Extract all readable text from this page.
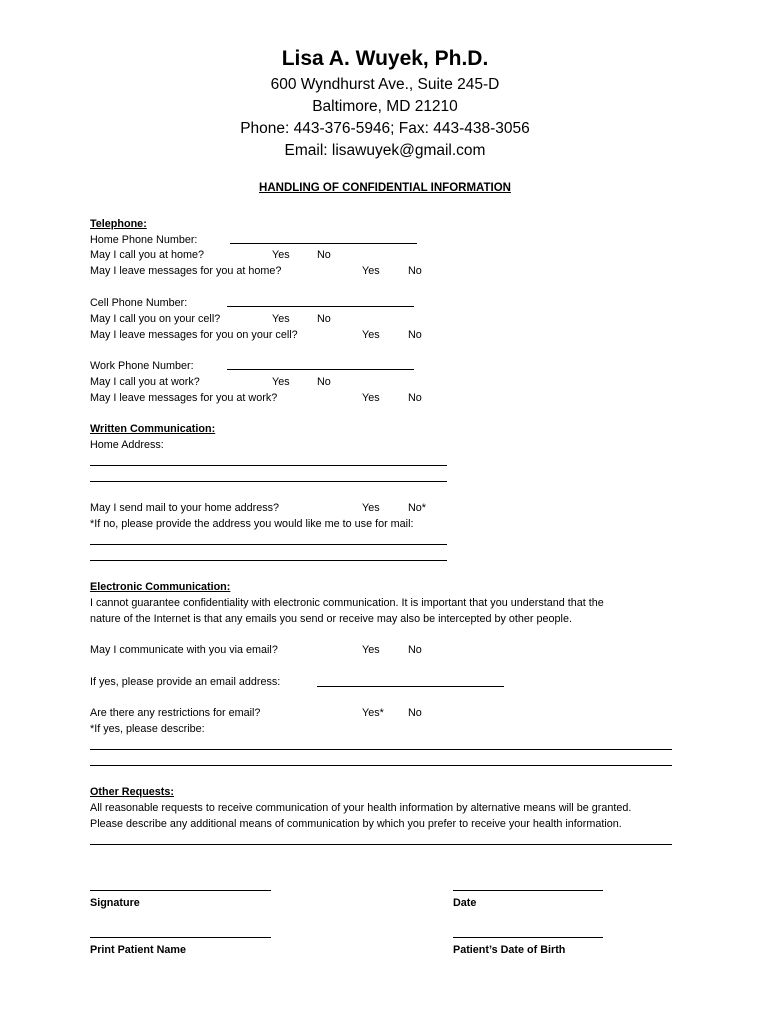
Lisa A. Wuyek, Ph.D.
600 Wyndhurst Ave., Suite 245-D
Baltimore, MD 21210
Phone: 443-376-5946; Fax: 443-438-3056
Email: lisawuyek@gmail.com
HANDLING OF CONFIDENTIAL INFORMATION
Telephone:
Home Phone Number:
May I call you at home?	Yes	No
May I leave messages for you at home?	Yes	No
Cell Phone Number:
May I call you on your cell?	Yes	No
May I leave messages for you on your cell?	Yes	No
Work Phone Number:
May I call you at work?	Yes	No
May I leave messages for you at work?	Yes	No
Written Communication:
Home Address:
May I send mail to your home address?	Yes	No*
*If no, please provide the address you would like me to use for mail:
Electronic Communication:
I cannot guarantee confidentiality with electronic communication. It is important that you understand that the
nature of the Internet is that any emails you send or receive may also be intercepted by other people.
May I communicate with you via email?	Yes	No
If yes, please provide an email address:
Are there any restrictions for email?	Yes* No
*If yes, please describe:
Other Requests:
All reasonable requests to receive communication of your health information by alternative means will be granted.
Please describe any additional means of communication by which you prefer to receive your health information.
Signature	Date
Print Patient Name	Patient’s Date of Birth
